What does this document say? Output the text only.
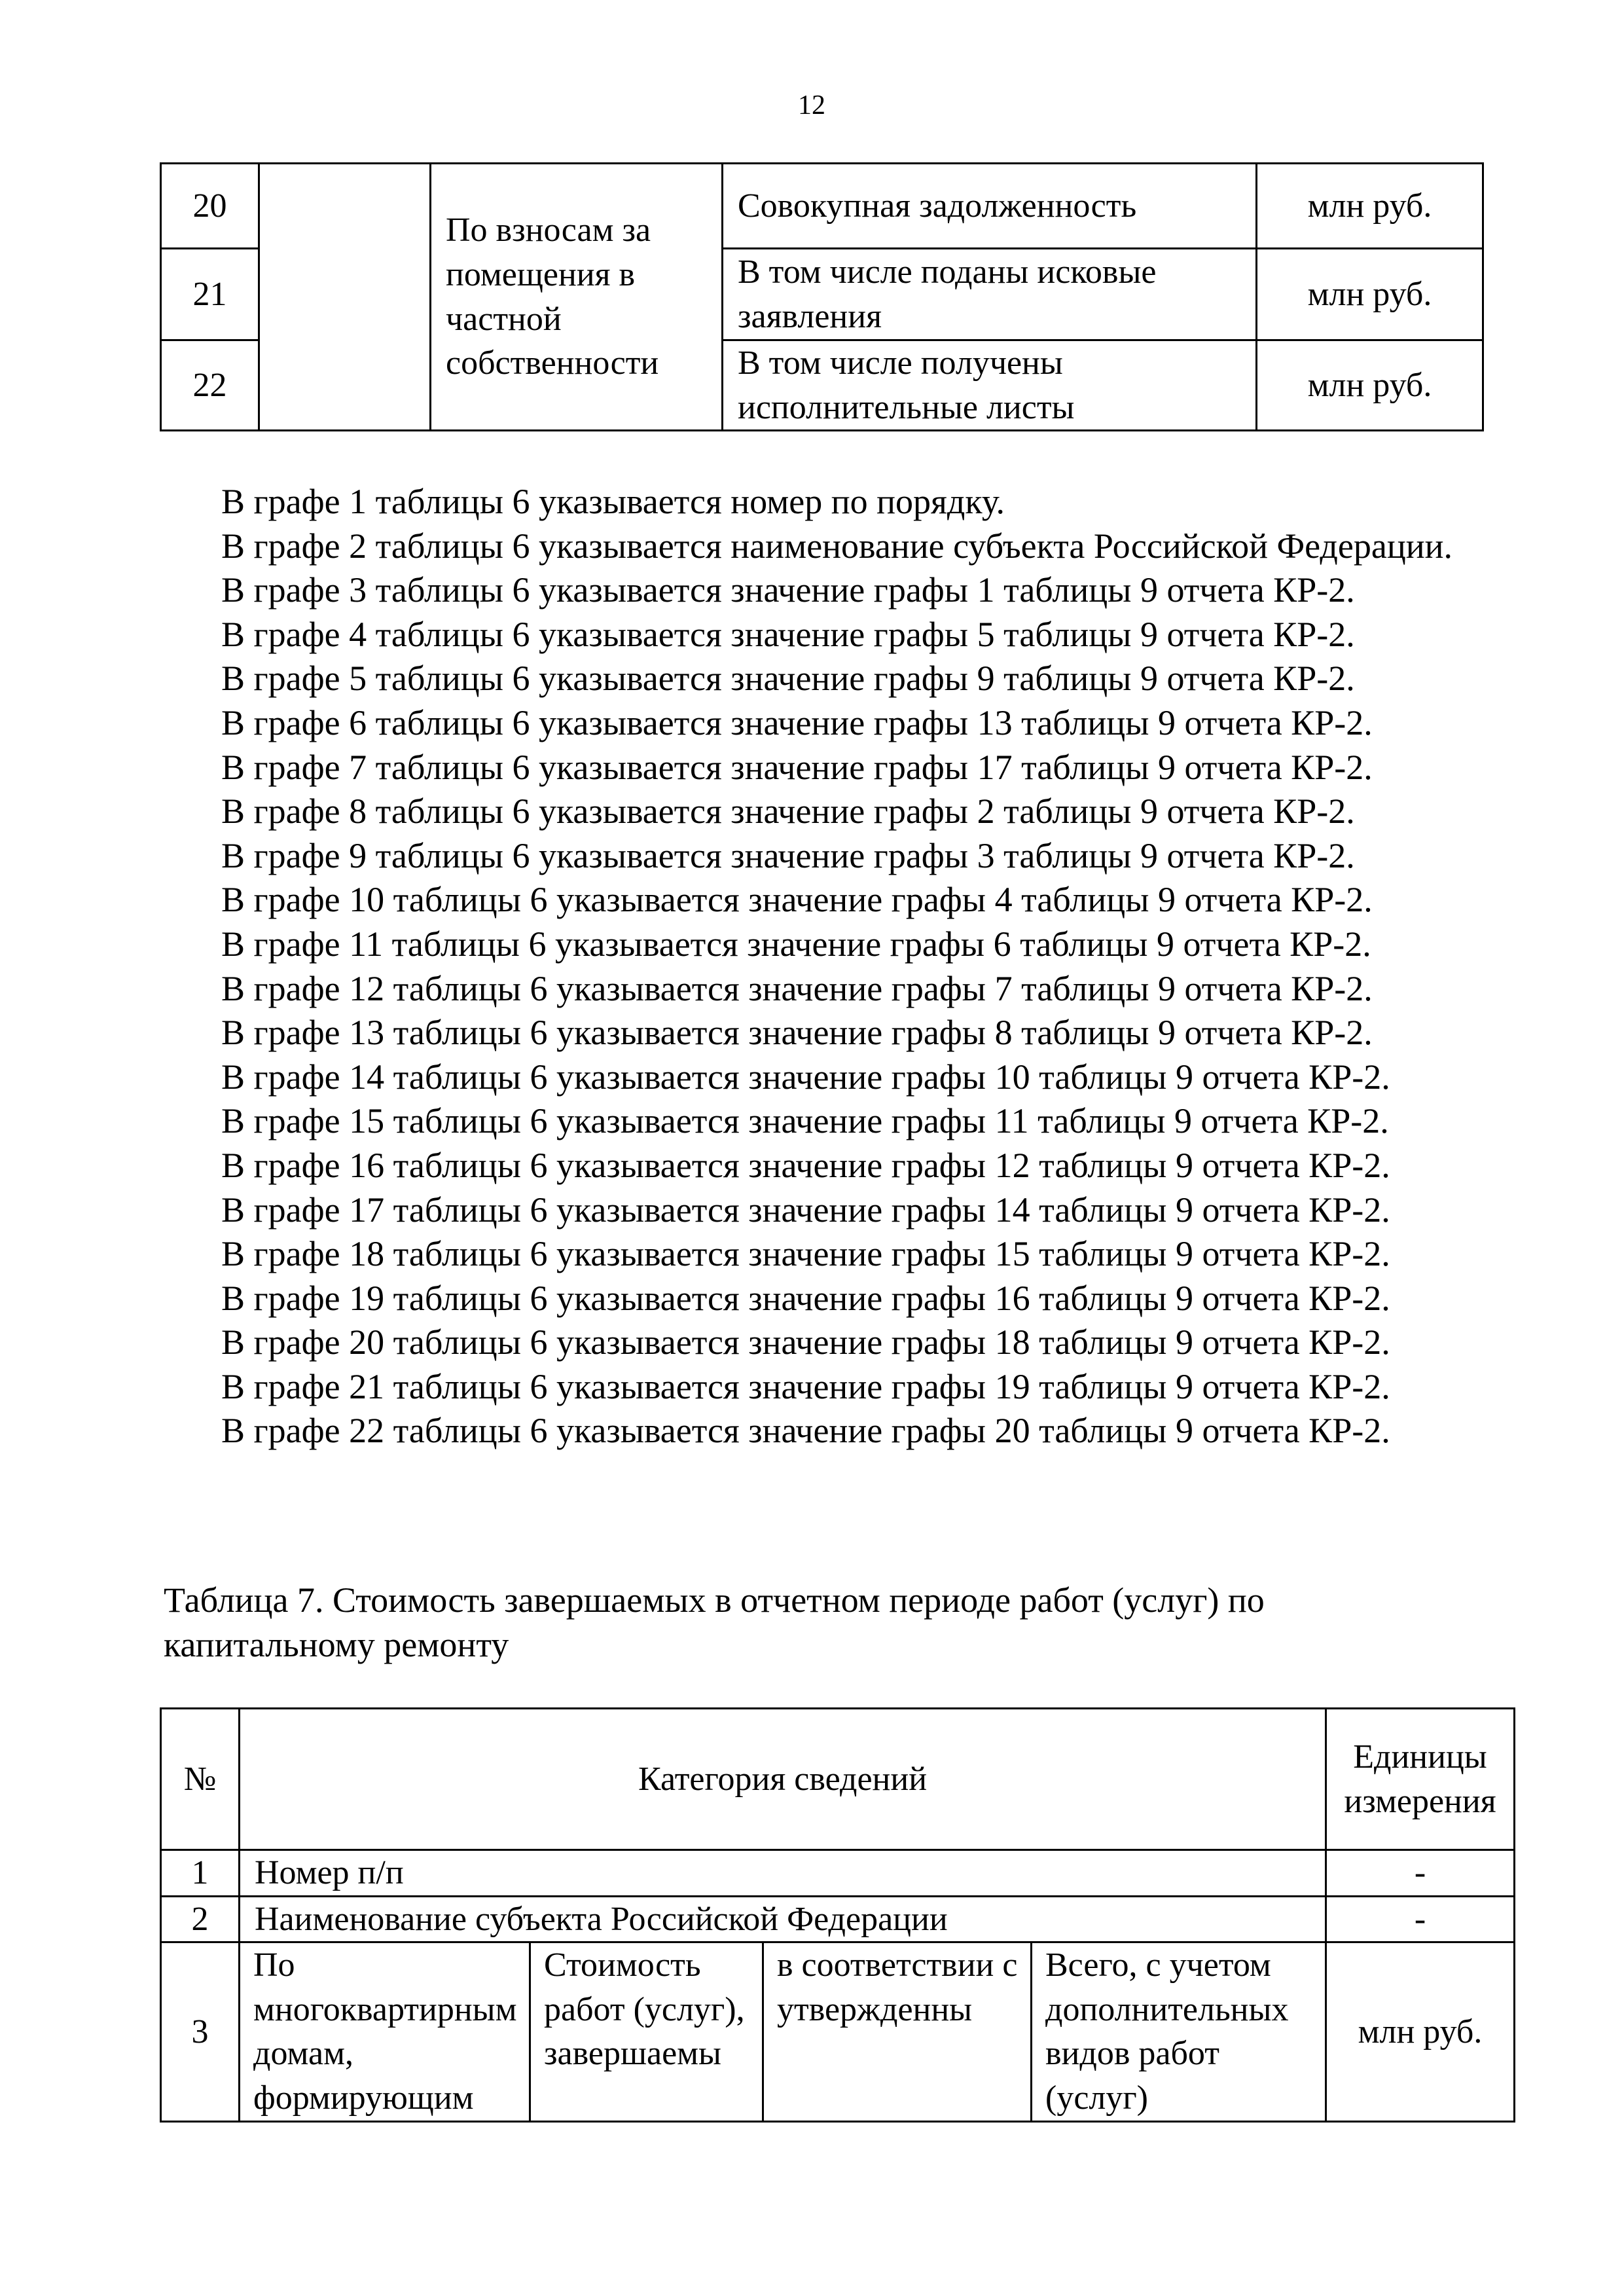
12
20		По взносам за помещения в частной собственности	Совокупная задолженность	млн руб.
21			В том числе поданы исковые заявления	млн руб.
22			В том числе получены исполнительные листы	млн руб.

В графе 1 таблицы 6 указывается номер по порядку.

В графе 2 таблицы 6 указывается наименование субъекта Российской Федерации.

В графе 3 таблицы 6 указывается значение графы 1 таблицы 9 отчета КР-2.

В графе 4 таблицы 6 указывается значение графы 5 таблицы 9 отчета КР-2.

В графе 5 таблицы 6 указывается значение графы 9 таблицы 9 отчета КР-2.

В графе 6 таблицы 6 указывается значение графы 13 таблицы 9 отчета КР-2.

В графе 7 таблицы 6 указывается значение графы 17 таблицы 9 отчета КР-2.

В графе 8 таблицы 6 указывается значение графы 2 таблицы 9 отчета КР-2.

В графе 9 таблицы 6 указывается значение графы 3 таблицы 9 отчета КР-2.

В графе 10 таблицы 6 указывается значение графы 4 таблицы 9 отчета КР-2.

В графе 11 таблицы 6 указывается значение графы 6 таблицы 9 отчета КР-2.

В графе 12 таблицы 6 указывается значение графы 7 таблицы 9 отчета КР-2.

В графе 13 таблицы 6 указывается значение графы 8 таблицы 9 отчета КР-2.

В графе 14 таблицы 6 указывается значение графы 10 таблицы 9 отчета КР-2.

В графе 15 таблицы 6 указывается значение графы 11 таблицы 9 отчета КР-2.

В графе 16 таблицы 6 указывается значение графы 12 таблицы 9 отчета КР-2.

В графе 17 таблицы 6 указывается значение графы 14 таблицы 9 отчета КР-2.

В графе 18 таблицы 6 указывается значение графы 15 таблицы 9 отчета КР-2.

В графе 19 таблицы 6 указывается значение графы 16 таблицы 9 отчета КР-2.

В графе 20 таблицы 6 указывается значение графы 18 таблицы 9 отчета КР-2.

В графе 21 таблицы 6 указывается значение графы 19 таблицы 9 отчета КР-2.

В графе 22 таблицы 6 указывается значение графы 20 таблицы 9 отчета КР-2.

Таблица 7. Стоимость завершаемых в отчетном периоде работ (услуг) по капитальному ремонту
№	Категория сведений				Единицы измерения
1	Номер п/п				-
2	Наименование субъекта Российской Федерации				-
3	По многоквартирным домам, формирующим	Стоимость работ (услуг), завершаемы	в соответствии с утвержденны	Всего, с учетом дополнительных видов работ (услуг)	млн руб.
